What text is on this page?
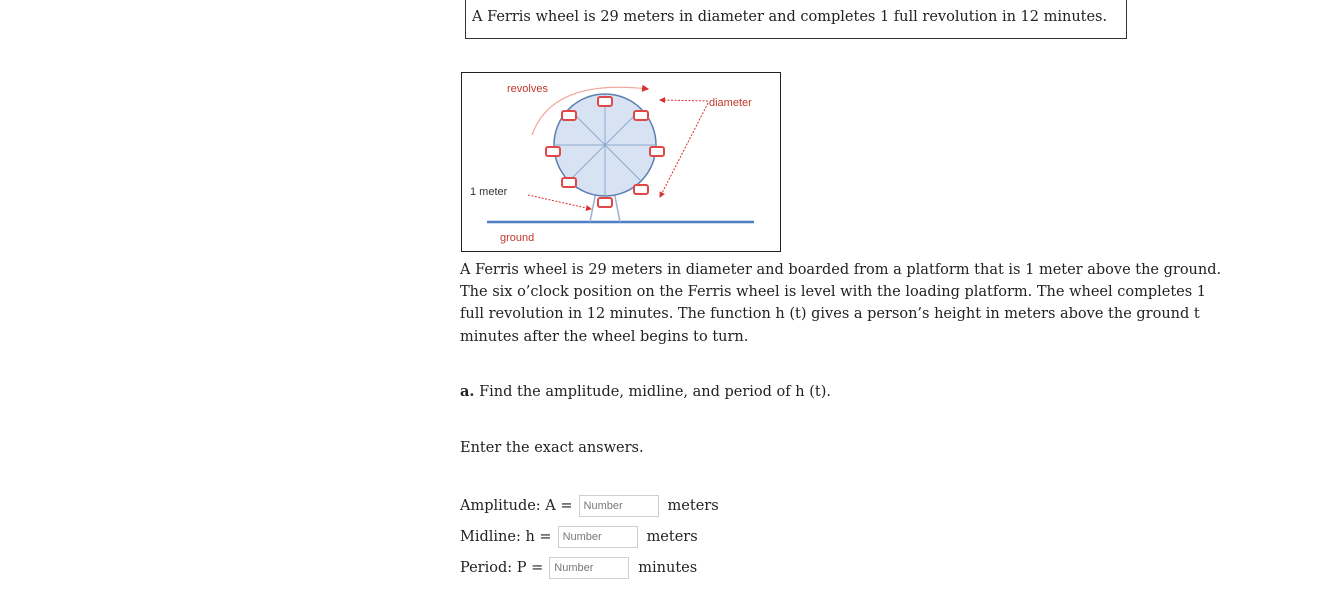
A Ferris wheel is 29 meters in diameter and completes 1 full revolution in 12 minutes.
revolves
diameter
1 meter
ground

A Ferris wheel is 29 meters in diameter and boarded from a platform that is 1 meter above the ground.

The six o’clock position on the Ferris wheel is level with the loading platform. The wheel completes 1

full revolution in 12 minutes. The function h (t) gives a person’s height in meters above the ground t

minutes after the wheel begins to turn.

a. Find the amplitude, midline, and period of h (t).
Enter the exact answers.
Amplitude: A =
Number	meters
Midline: h =
Number	meters
Period: P =
Number	minutes
